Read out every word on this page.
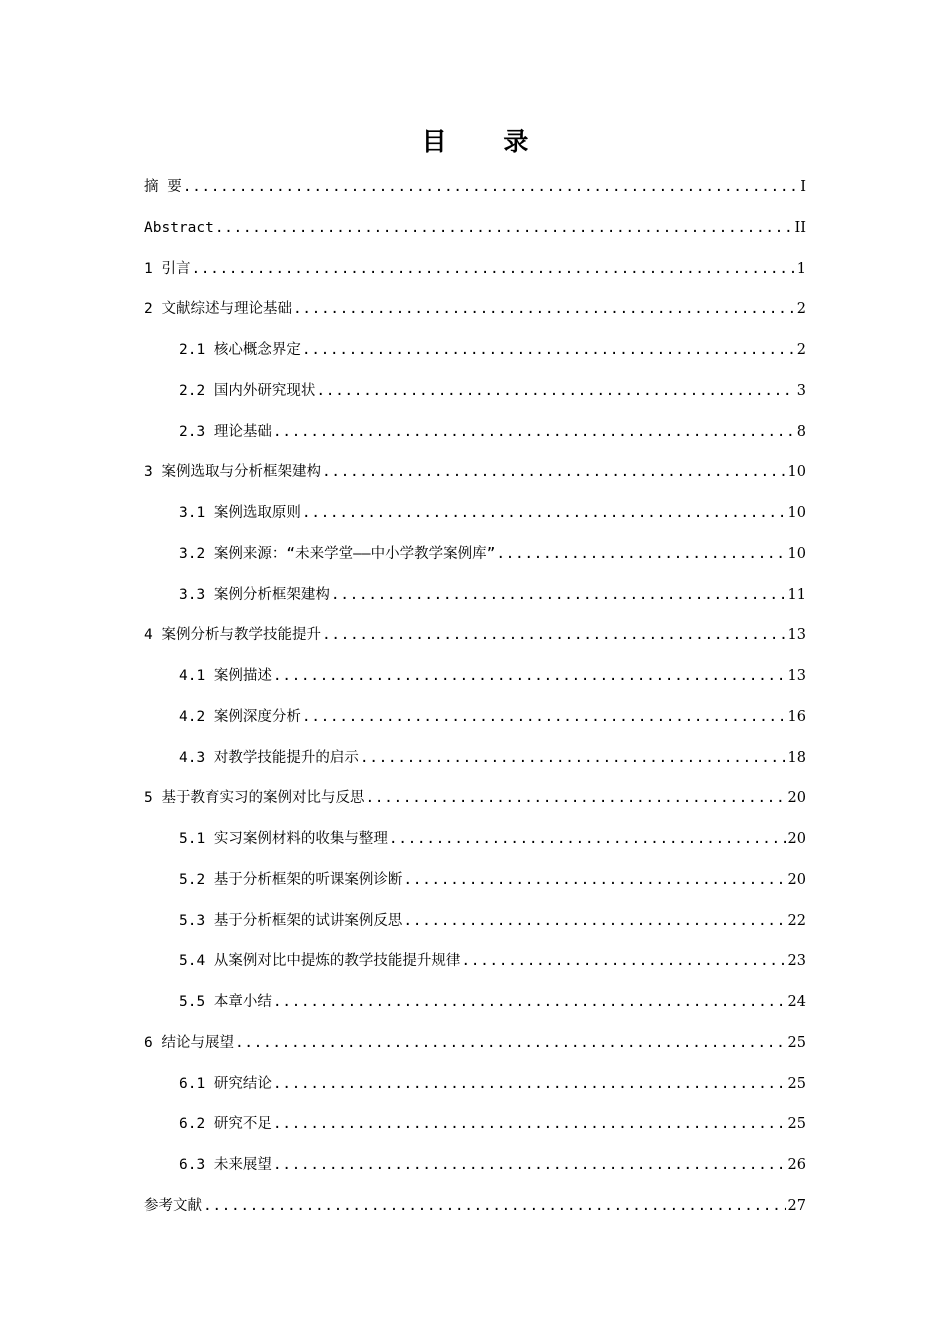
目 录
摘 要 .....	I
Abstract .....	II
1 引言 .....	1
2 文献综述与理论基础 .....	2
2.1 核心概念界定 .....	2
2.2 国内外研究现状 .....	3
2.3 理论基础 .....	8
3 案例选取与分析框架建构 .....	10
3.1 案例选取原则 .....	10
3.2 案例来源：“未来学堂——中小学教学案例库” .....	10
3.3 案例分析框架建构 .....	11
4 案例分析与教学技能提升 .....	13
4.1 案例描述 .....	13
4.2 案例深度分析 .....	16
4.3 对教学技能提升的启示 .....	18
5 基于教育实习的案例对比与反思 .....	20
5.1 实习案例材料的收集与整理 .....	20
5.2 基于分析框架的听课案例诊断 .....	20
5.3 基于分析框架的试讲案例反思 .....	22
5.4 从案例对比中提炼的教学技能提升规律 .....	23
5.5 本章小结 .....	24
6 结论与展望 .....	25
6.1 研究结论 .....	25
6.2 研究不足 .....	25
6.3 未来展望 .....	26
参考文献 .....	27
